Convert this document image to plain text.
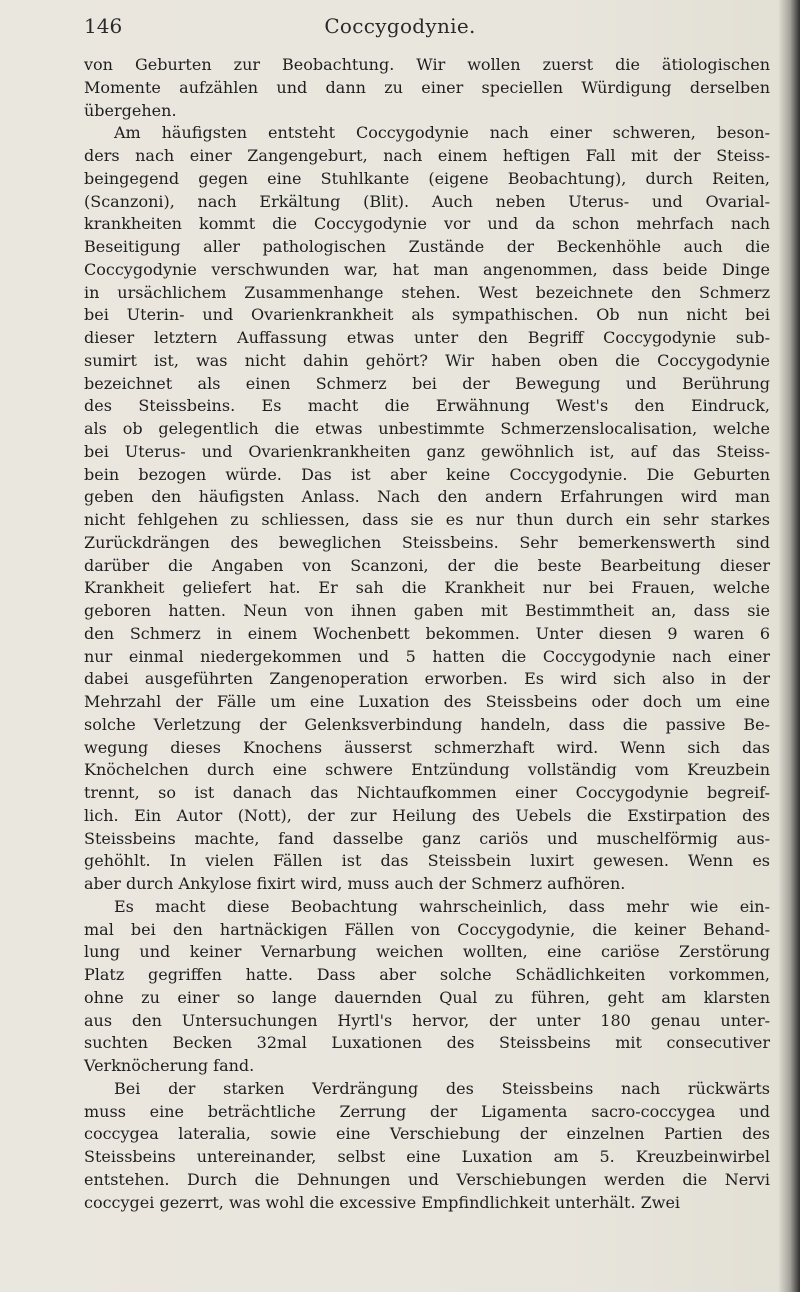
146	Coccygodynie.
von Geburten zur Beobachtung. Wir wollen zuerst die ätiologischen
Momente aufzählen und dann zu einer speciellen Würdigung derselben
übergehen.
Am häufigsten entsteht Coccygodynie nach einer schweren, beson-
ders nach einer Zangengeburt, nach einem heftigen Fall mit der Steiss-
beingegend gegen eine Stuhlkante (eigene Beobachtung), durch Reiten,
(Scanzoni), nach Erkältung (Blit). Auch neben Uterus- und Ovarial-
krankheiten kommt die Coccygodynie vor und da schon mehrfach nach
Beseitigung aller pathologischen Zustände der Beckenhöhle auch die
Coccygodynie verschwunden war, hat man angenommen, dass beide Dinge
in ursächlichem Zusammenhange stehen. West bezeichnete den Schmerz
bei Uterin- und Ovarienkrankheit als sympathischen. Ob nun nicht bei
dieser letztern Auffassung etwas unter den Begriff Coccygodynie sub-
sumirt ist, was nicht dahin gehört? Wir haben oben die Coccygodynie
bezeichnet als einen Schmerz bei der Bewegung und Berührung
des Steissbeins. Es macht die Erwähnung West's den Eindruck,
als ob gelegentlich die etwas unbestimmte Schmerzenslocalisation, welche
bei Uterus- und Ovarienkrankheiten ganz gewöhnlich ist, auf das Steiss-
bein bezogen würde. Das ist aber keine Coccygodynie. Die Geburten
geben den häufigsten Anlass. Nach den andern Erfahrungen wird man
nicht fehlgehen zu schliessen, dass sie es nur thun durch ein sehr starkes
Zurückdrängen des beweglichen Steissbeins. Sehr bemerkenswerth sind
darüber die Angaben von Scanzoni, der die beste Bearbeitung dieser
Krankheit geliefert hat. Er sah die Krankheit nur bei Frauen, welche
geboren hatten. Neun von ihnen gaben mit Bestimmtheit an, dass sie
den Schmerz in einem Wochenbett bekommen. Unter diesen 9 waren 6
nur einmal niedergekommen und 5 hatten die Coccygodynie nach einer
dabei ausgeführten Zangenoperation erworben. Es wird sich also in der
Mehrzahl der Fälle um eine Luxation des Steissbeins oder doch um eine
solche Verletzung der Gelenksverbindung handeln, dass die passive Be-
wegung dieses Knochens äusserst schmerzhaft wird. Wenn sich das
Knöchelchen durch eine schwere Entzündung vollständig vom Kreuzbein
trennt, so ist danach das Nichtaufkommen einer Coccygodynie begreif-
lich. Ein Autor (Nott), der zur Heilung des Uebels die Exstirpation des
Steissbeins machte, fand dasselbe ganz cariös und muschelförmig aus-
gehöhlt. In vielen Fällen ist das Steissbein luxirt gewesen. Wenn es
aber durch Ankylose fixirt wird, muss auch der Schmerz aufhören.
Es macht diese Beobachtung wahrscheinlich, dass mehr wie ein-
mal bei den hartnäckigen Fällen von Coccygodynie, die keiner Behand-
lung und keiner Vernarbung weichen wollten, eine cariöse Zerstörung
Platz gegriffen hatte. Dass aber solche Schädlichkeiten vorkommen,
ohne zu einer so lange dauernden Qual zu führen, geht am klarsten
aus den Untersuchungen Hyrtl's hervor, der unter 180 genau unter-
suchten Becken 32mal Luxationen des Steissbeins mit consecutiver
Verknöcherung fand.
Bei der starken Verdrängung des Steissbeins nach rückwärts
muss eine beträchtliche Zerrung der Ligamenta sacro-coccygea und
coccygea lateralia, sowie eine Verschiebung der einzelnen Partien des
Steissbeins untereinander, selbst eine Luxation am 5. Kreuzbeinwirbel
entstehen. Durch die Dehnungen und Verschiebungen werden die Nervi
coccygei gezerrt, was wohl die excessive Empfindlichkeit unterhält. Zwei
